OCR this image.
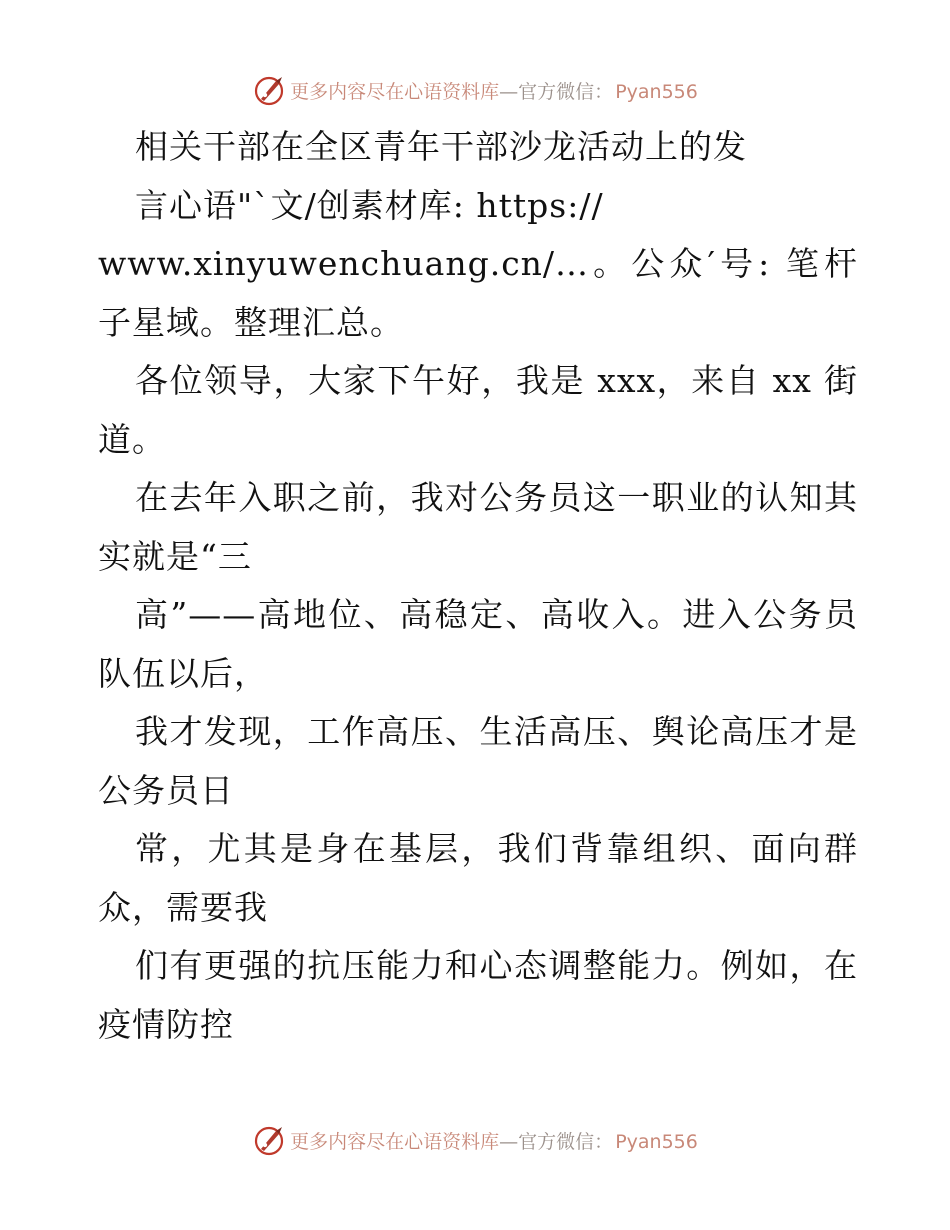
更多内容尽在心语资料库—官方微信： Pyan556

相关干部在全区青年干部沙龙活动上的发

言心语"`文/创素材库: https://

www.xinyuwenchuang.cn/…。公众′号: 笔杆子星域。整理汇总。

各位领导，大家下午好，我是 xxx，来自 xx 街道。

在去年入职之前，我对公务员这一职业的认知其实就是“三

高”——高地位、高稳定、高收入。进入公务员队伍以后，

我才发现，工作高压、生活高压、舆论高压才是公务员日

常，尤其是身在基层，我们背靠组织、面向群众，需要我

们有更强的抗压能力和心态调整能力。例如，在疫情防控

更多内容尽在心语资料库—官方微信： Pyan556
